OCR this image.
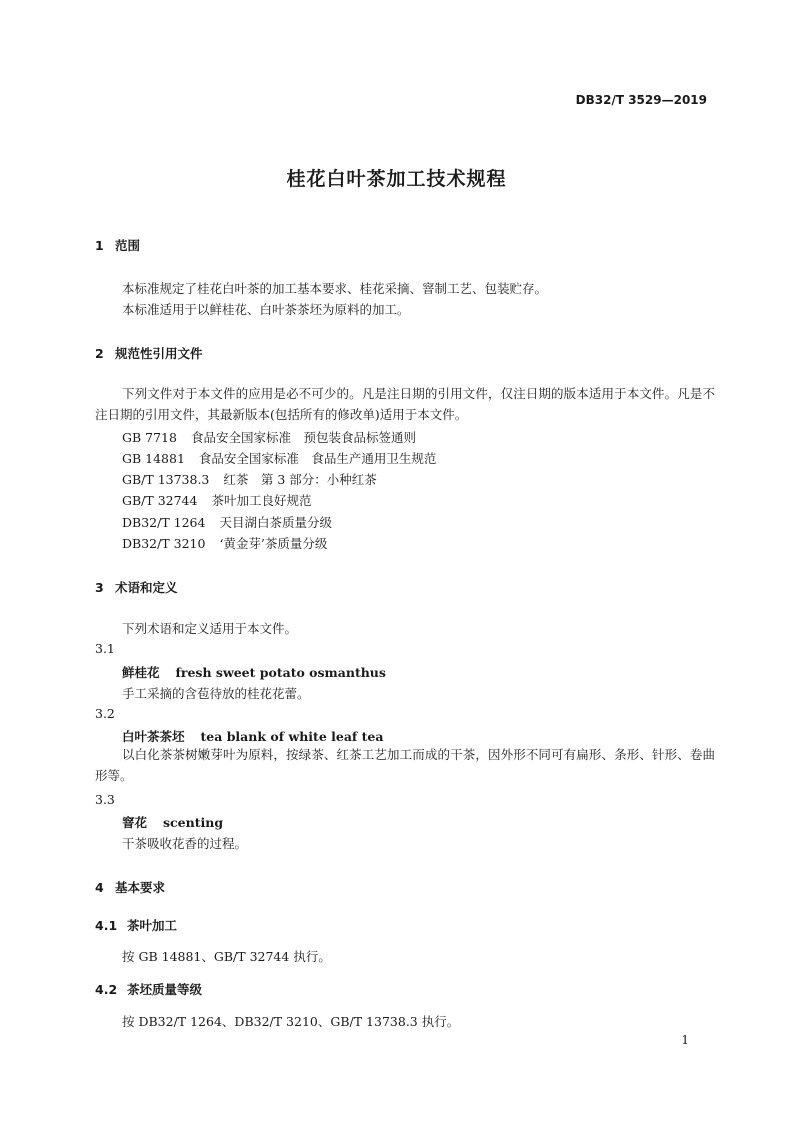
DB32/T 3529—2019
桂花白叶茶加工技术规程
1 范围
本标准规定了桂花白叶茶的加工基本要求、桂花采摘、窨制工艺、包装贮存。
本标准适用于以鲜桂花、白叶茶茶坯为原料的加工。
2 规范性引用文件
下列文件对于本文件的应用是必不可少的。凡是注日期的引用文件，仅注日期的版本适用于本文件。凡是不注日期的引用文件，其最新版本(包括所有的修改单)适用于本文件。
GB 7718 食品安全国家标准　预包装食品标签通则
GB 14881 食品安全国家标准　食品生产通用卫生规范
GB/T 13738.3 红茶　第 3 部分：小种红茶
GB/T 32744 茶叶加工良好规范
DB32/T 1264 天目湖白茶质量分级
DB32/T 3210 ‘黄金芽’茶质量分级
3 术语和定义
下列术语和定义适用于本文件。
3.1
鲜桂花 fresh sweet potato osmanthus
手工采摘的含苞待放的桂花花蕾。
3.2
白叶茶茶坯 tea blank of white leaf tea
以白化茶茶树嫩芽叶为原料，按绿茶、红茶工艺加工而成的干茶，因外形不同可有扁形、条形、针形、卷曲形等。
3.3
窨花 scenting
干茶吸收花香的过程。
4 基本要求
4.1 茶叶加工
按 GB 14881、GB/T 32744 执行。
4.2 茶坯质量等级
按 DB32/T 1264、DB32/T 3210、GB/T 13738.3 执行。
1
